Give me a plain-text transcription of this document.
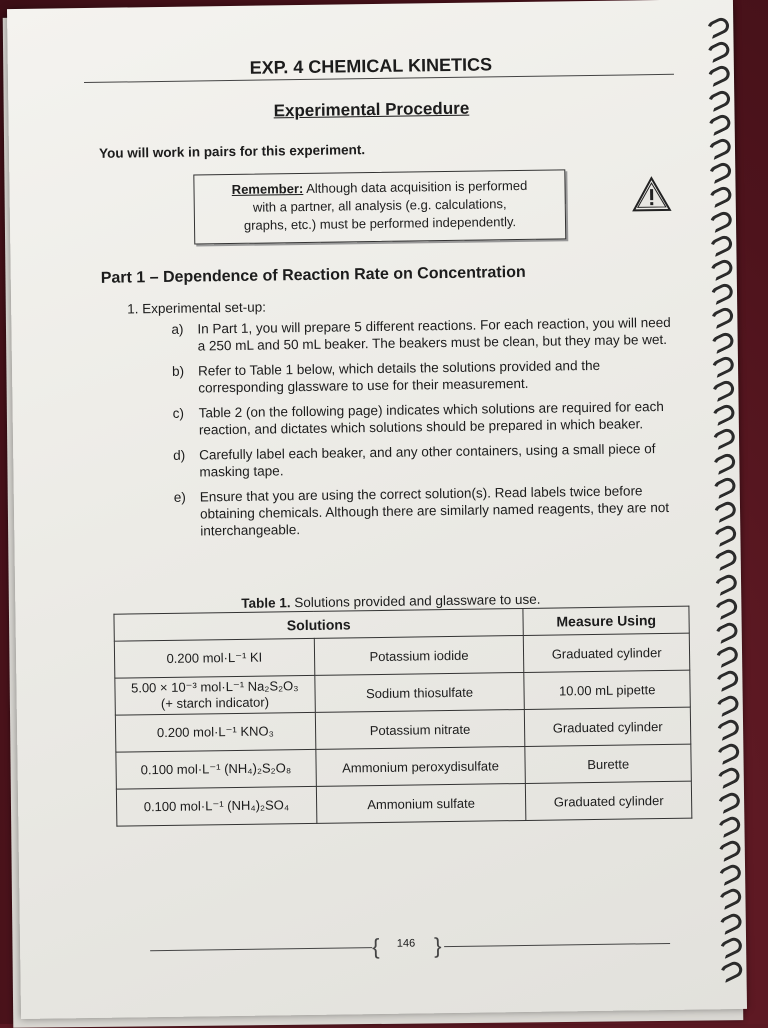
EXP. 4 CHEMICAL KINETICS
Experimental Procedure
You will work in pairs for this experiment.
Remember: Although data acquisition is performed
with a partner, all analysis (e.g. calculations,
graphs, etc.) must be performed independently.
Part 1 – Dependence of Reaction Rate on Concentration
1. Experimental set-up:
a)	In Part 1, you will prepare 5 different reactions. For each reaction, you will need a 250 mL and 50 mL beaker. The beakers must be clean, but they may be wet.
b)	Refer to Table 1 below, which details the solutions provided and the corresponding glassware to use for their measurement.
c)	Table 2 (on the following page) indicates which solutions are required for each reaction, and dictates which solutions should be prepared in which beaker.
d)	Carefully label each beaker, and any other containers, using a small piece of masking tape.
e)	Ensure that you are using the correct solution(s). Read labels twice before obtaining chemicals. Although there are similarly named reagents, they are not interchangeable.
Table 1. Solutions provided and glassware to use.
Solutions		Measure Using

0.200 mol·L⁻¹ KI	Potassium iodide	Graduated cylinder

5.00 × 10⁻³ mol·L⁻¹ Na₂S₂O₃
(+ starch indicator)	Sodium thiosulfate	10.00 mL pipette

0.200 mol·L⁻¹ KNO₃	Potassium nitrate	Graduated cylinder

0.100 mol·L⁻¹ (NH₄)₂S₂O₈	Ammonium peroxydisulfate	Burette

0.100 mol·L⁻¹ (NH₄)₂SO₄	Ammonium sulfate	Graduated cylinder
{	146 }
